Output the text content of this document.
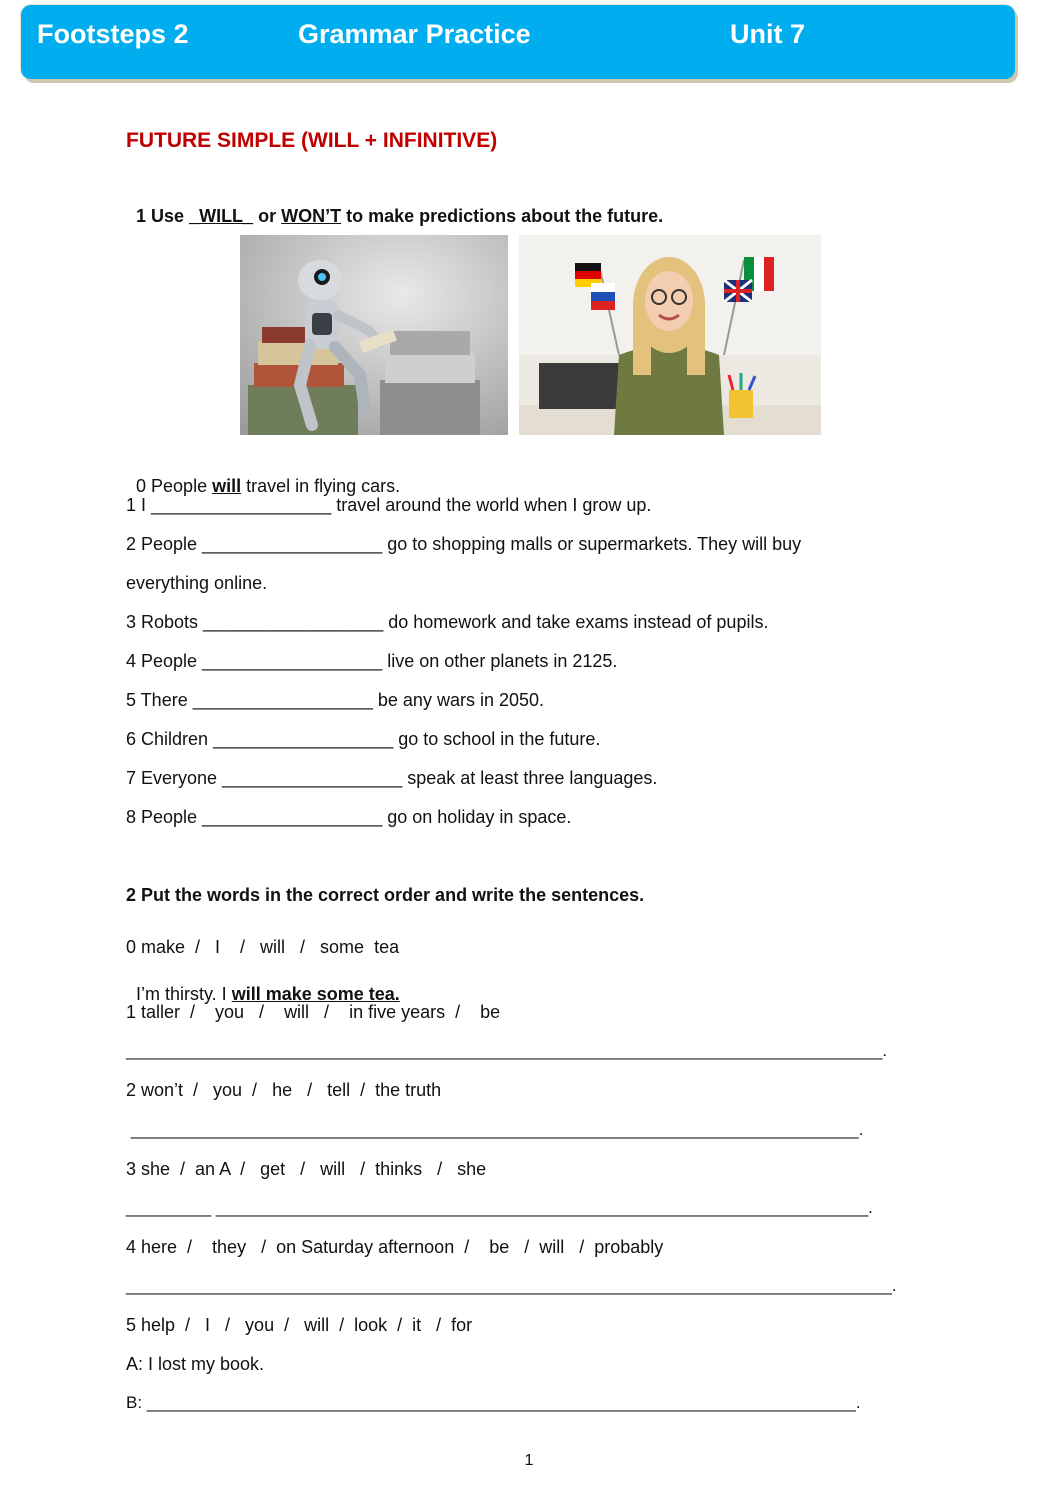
Footsteps 2	Grammar Practice	Unit 7
FUTURE SIMPLE (WILL + INFINITIVE)

1 Use _WILL_ or WON’T to make predictions about the future.

0 People will travel in flying cars.

1 I __________________ travel around the world when I grow up.
2 People __________________ go to shopping malls or supermarkets. They will buy
everything online.
3 Robots __________________ do homework and take exams instead of pupils.
4 People __________________ live on other planets in 2125.
5 There __________________ be any wars in 2050.
6 Children __________________ go to school in the future.
7 Everyone __________________ speak at least three languages.
8 People __________________ go on holiday in space.
2 Put the words in the correct order and write the sentences.
0 make  /   I    /   will   /   some  tea

I’m thirsty. I will make some tea.

1 taller  /    you   /    will   /    in five years  /    be
________________________________________________________________________________.
2 won’t  /   you  /   he   /   tell  /  the truth
_____________________________________________________________________________.
3 she  /  an A  /   get   /   will   /  thinks   /   she
_________ _____________________________________________________________________.
4 here  /    they   /  on Saturday afternoon  /    be   /  will   /  probably
_________________________________________________________________________________.
5 help  /   I   /   you  /   will  /  look  /  it   /  for
A: I lost my book.
B: ___________________________________________________________________________.
1
